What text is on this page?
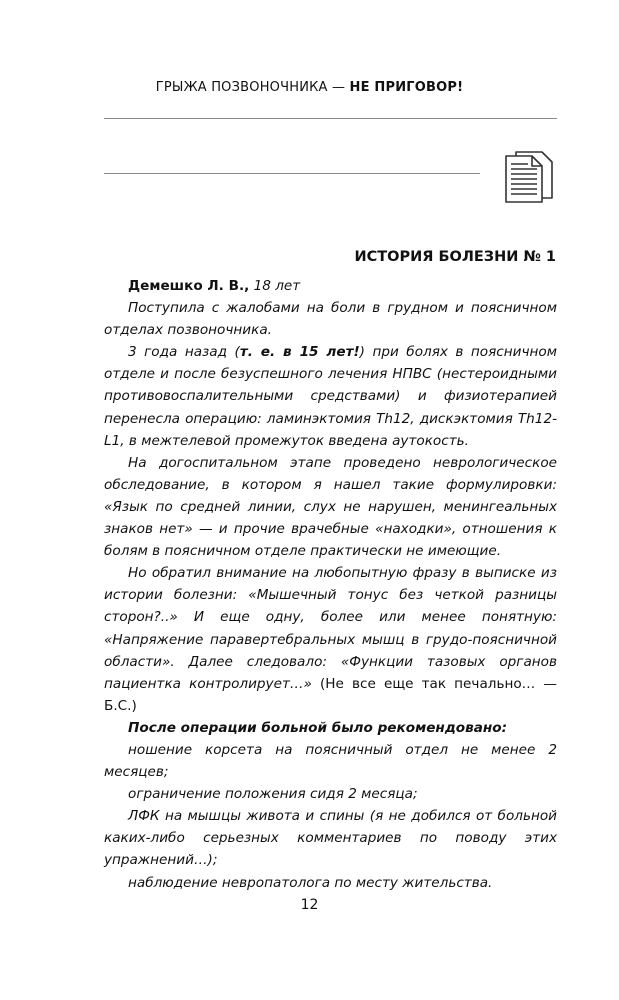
ГРЫЖА ПОЗВОНОЧНИКА — НЕ ПРИГОВОР!
ИСТОРИЯ БОЛЕЗНИ № 1

Демешко Л. В., 18 лет

Поступила с жалобами на боли в грудном и поясничном отделах позвоночника.

3 года назад (т. е. в 15 лет!) при болях в поясничном отделе и после безуспешного лечения НПВС (нестероидными противовоспалительными средствами) и физиотерапией перенесла операцию: ламинэктомия Th12, дискэктомия Th12-L1, в межтелевой промежуток введена аутокость.

На догоспитальном этапе проведено неврологическое обследование, в котором я нашел такие формулировки: «Язык по средней линии, слух не нарушен, менингеальных знаков нет» — и прочие врачебные «находки», отношения к болям в поясничном отделе практически не имеющие.

Но обратил внимание на любопытную фразу в выписке из истории болезни: «Мышечный тонус без четкой разницы сторон?..» И еще одну, более или менее понятную: «Напряжение паравертебральных мышц в грудо-поясничной области». Далее следовало: «Функции тазовых органов пациентка контролирует…» (Не все еще так печально… — Б.С.)

После операции больной было рекомендовано:

ношение корсета на поясничный отдел не менее 2 месяцев;

ограничение положения сидя 2 месяца;

ЛФК на мышцы живота и спины (я не добился от больной каких-либо серьезных комментариев по поводу этих упражнений…);

наблюдение невропатолога по месту жительства.

12
